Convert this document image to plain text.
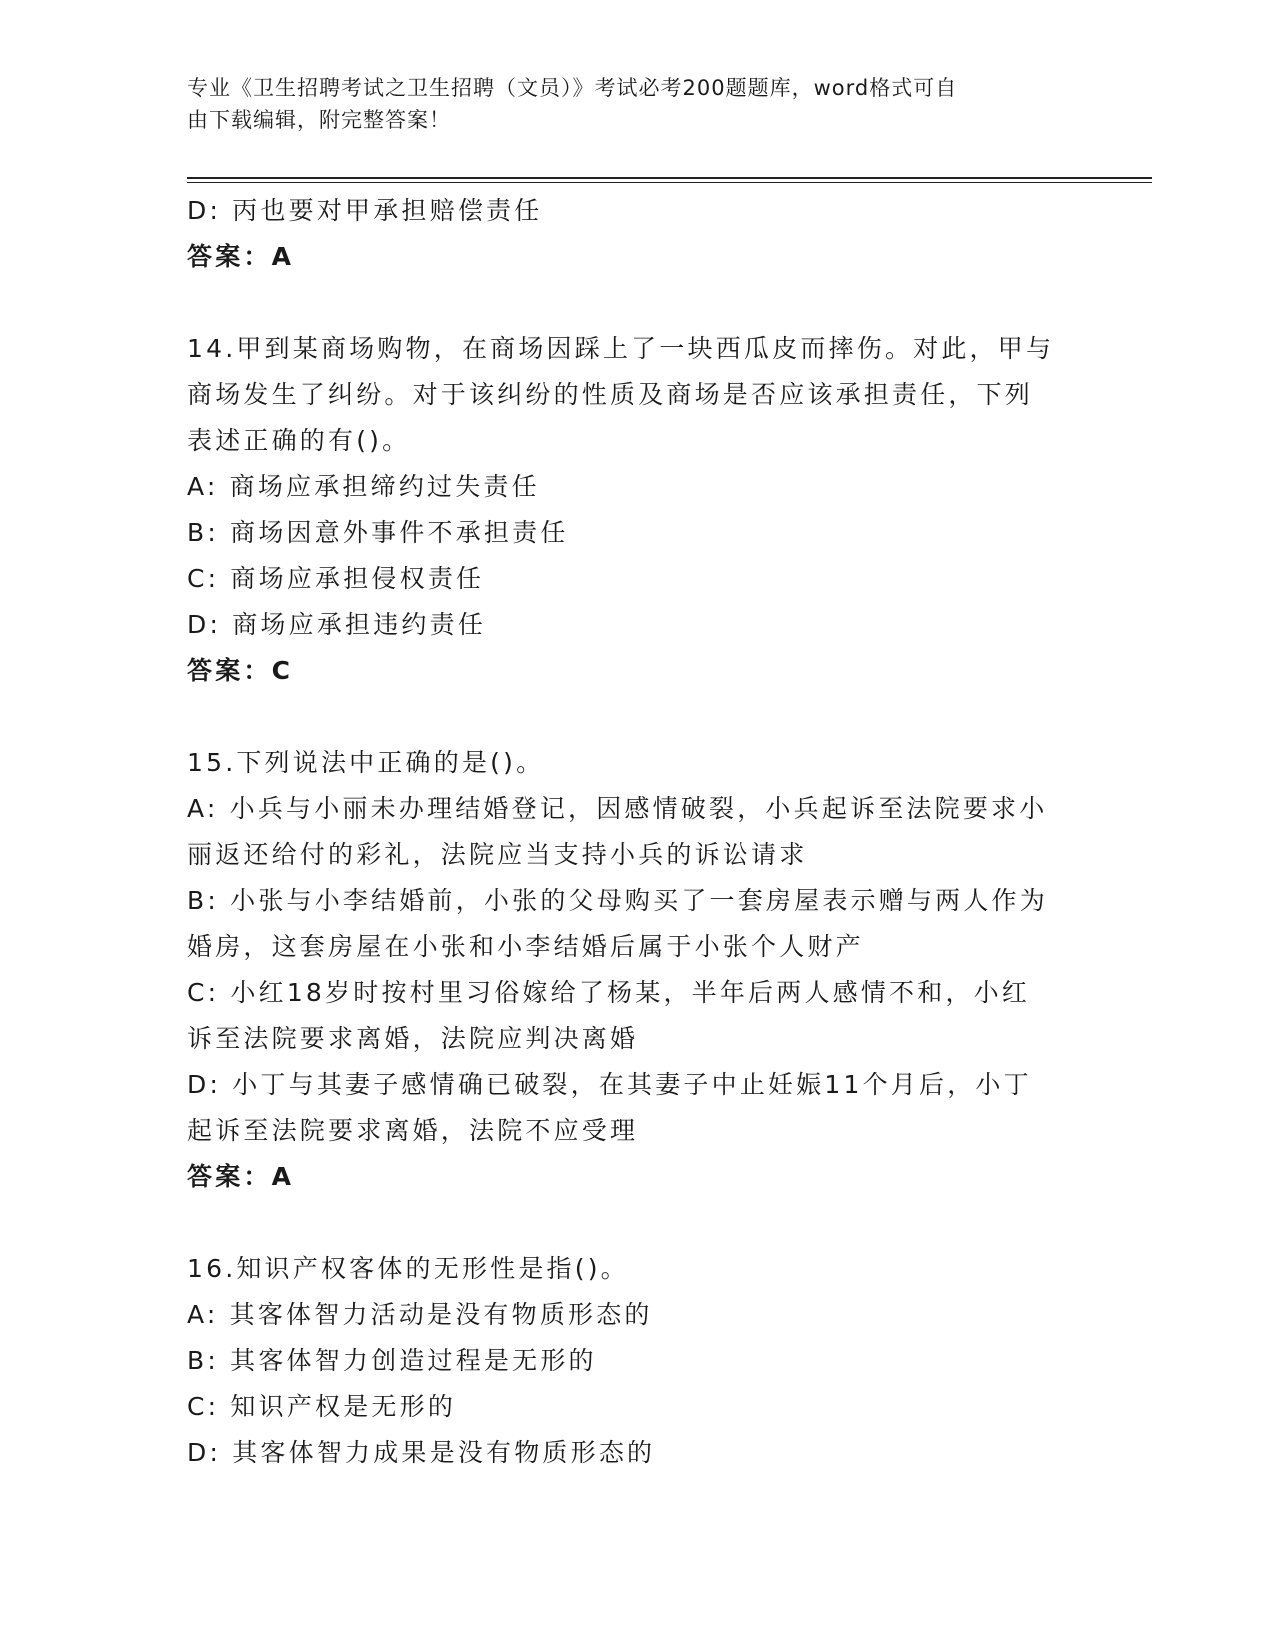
专业《卫生招聘考试之卫生招聘（文员）》考试必考200题题库，word格式可自
由下载编辑，附完整答案！
D: 丙也要对甲承担赔偿责任
答案：A
14.甲到某商场购物，在商场因踩上了一块西瓜皮而摔伤。对此，甲与
商场发生了纠纷。对于该纠纷的性质及商场是否应该承担责任，下列
表述正确的有()。
A: 商场应承担缔约过失责任
B: 商场因意外事件不承担责任
C: 商场应承担侵权责任
D: 商场应承担违约责任
答案：C
15.下列说法中正确的是()。
A: 小兵与小丽未办理结婚登记，因感情破裂，小兵起诉至法院要求小
丽返还给付的彩礼，法院应当支持小兵的诉讼请求
B: 小张与小李结婚前，小张的父母购买了一套房屋表示赠与两人作为
婚房，这套房屋在小张和小李结婚后属于小张个人财产
C: 小红18岁时按村里习俗嫁给了杨某，半年后两人感情不和，小红
诉至法院要求离婚，法院应判决离婚
D: 小丁与其妻子感情确已破裂，在其妻子中止妊娠11个月后，小丁
起诉至法院要求离婚，法院不应受理
答案：A
16.知识产权客体的无形性是指()。
A: 其客体智力活动是没有物质形态的
B: 其客体智力创造过程是无形的
C: 知识产权是无形的
D: 其客体智力成果是没有物质形态的
